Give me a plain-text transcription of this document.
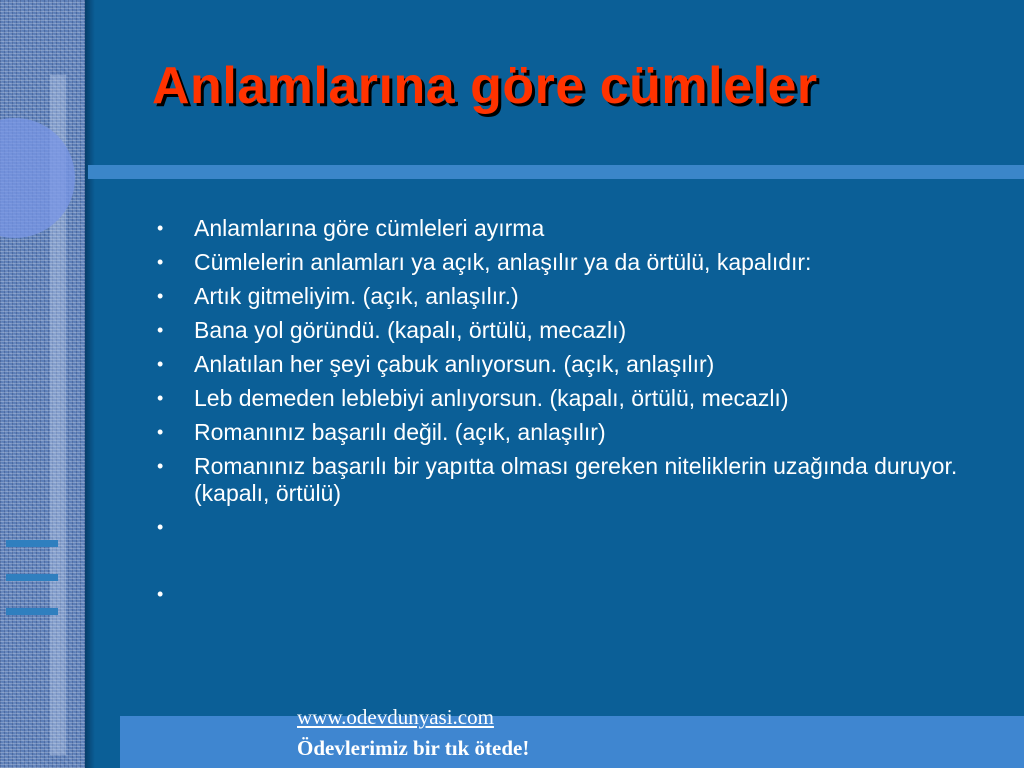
Anlamlarına göre cümleler
• Anlamlarına göre cümleleri ayırma
• Cümlelerin anlamları ya açık, anlaşılır ya da örtülü, kapalıdır:
• Artık gitmeliyim. (açık, anlaşılır.)
• Bana yol göründü. (kapalı, örtülü, mecazlı)
• Anlatılan her şeyi çabuk anlıyorsun. (açık, anlaşılır)
• Leb demeden leblebiyi anlıyorsun. (kapalı, örtülü, mecazlı)
• Romanınız başarılı değil. (açık, anlaşılır)
• Romanınız başarılı bir yapıtta olması gereken niteliklerin uzağında duruyor. (kapalı, örtülü)
•
•
www.odevdunyasi.com
Ödevlerimiz bir tık ötede!
